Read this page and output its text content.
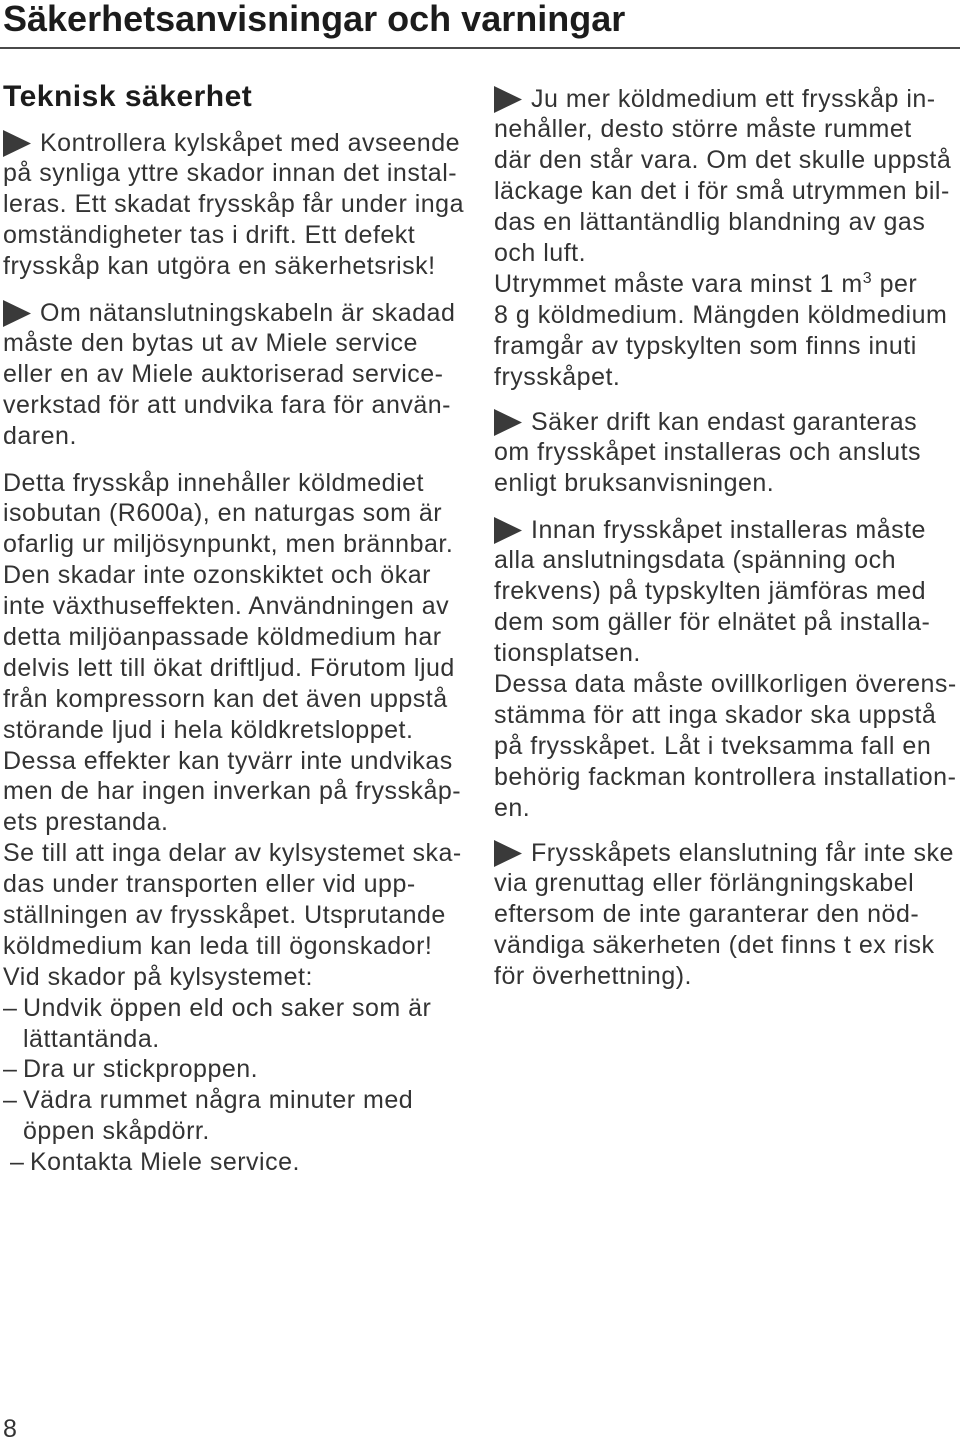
Säkerhetsanvisningar och varningar
Teknisk säkerhet
Kontrollera kylskåpet med avseende
på synliga yttre skador innan det instal-
leras. Ett skadat frysskåp får under inga
omständigheter tas i drift. Ett defekt
frysskåp kan utgöra en säkerhetsrisk!
Om nätanslutningskabeln är skadad
måste den bytas ut av Miele service
eller en av Miele auktoriserad service-
verkstad för att undvika fara för använ-
daren.
Detta frysskåp innehåller köldmediet
isobutan (R600a), en naturgas som är
ofarlig ur miljösynpunkt, men brännbar.
Den skadar inte ozonskiktet och ökar
inte växthuseffekten. Användningen av
detta miljöanpassade köldmedium har
delvis lett till ökat driftljud. Förutom ljud
från kompressorn kan det även uppstå
störande ljud i hela köldkretsloppet.
Dessa effekter kan tyvärr inte undvikas
men de har ingen inverkan på frysskåp-
ets prestanda.
Se till att inga delar av kylsystemet ska-
das under transporten eller vid upp-
ställningen av frysskåpet. Utsprutande
köldmedium kan leda till ögonskador!
Vid skador på kylsystemet:
– Undvik öppen eld och saker som är
lättantända.
– Dra ur stickproppen.
– Vädra rummet några minuter med
öppen skåpdörr.
– Kontakta Miele service.
Ju mer köldmedium ett frysskåp in-
nehåller, desto större måste rummet
där den står vara. Om det skulle uppstå
läckage kan det i för små utrymmen bil-
das en lättantändlig blandning av gas
och luft.
Utrymmet måste vara minst 1 $m^3$ per
8 g köldmedium. Mängden köldmedium
framgår av typskylten som finns inuti
frysskåpet.
Säker drift kan endast garanteras
om frysskåpet installeras och ansluts
enligt bruksanvisningen.
Innan frysskåpet installeras måste
alla anslutningsdata (spänning och
frekvens) på typskylten jämföras med
dem som gäller för elnätet på installa-
tionsplatsen.
Dessa data måste ovillkorligen överens-
stämma för att inga skador ska uppstå
på frysskåpet. Låt i tveksamma fall en
behörig fackman kontrollera installation-
en.
Frysskåpets elanslutning får inte ske
via grenuttag eller förlängningskabel
eftersom de inte garanterar den nöd-
vändiga säkerheten (det finns t ex risk
för överhettning).
8
